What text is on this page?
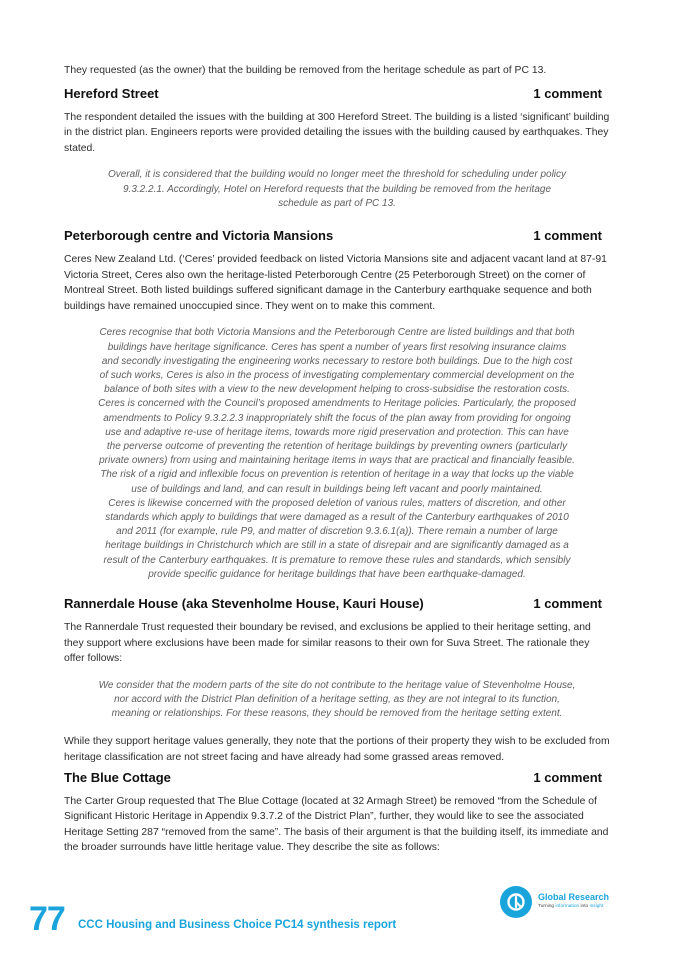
They requested (as the owner) that the building be removed from the heritage schedule as part of PC 13.

Hereford Street	1 comment

The respondent detailed the issues with the building at 300 Hereford Street. The building is a listed ‘significant’ building in the district plan. Engineers reports were provided detailing the issues with the building caused by earthquakes. They stated.

Overall, it is considered that the building would no longer meet the threshold for scheduling under policy 9.3.2.2.1. Accordingly, Hotel on Hereford requests that the building be removed from the heritage schedule as part of PC 13.

Peterborough centre and Victoria Mansions	1 comment

Ceres New Zealand Ltd. (‘Ceres’ provided feedback on listed Victoria Mansions site and adjacent vacant land at 87-91 Victoria Street, Ceres also own the heritage-listed Peterborough Centre (25 Peterborough Street) on the corner of Montreal Street. Both listed buildings suffered significant damage in the Canterbury earthquake sequence and both buildings have remained unoccupied since. They went on to make this comment.

Ceres recognise that both Victoria Mansions and the Peterborough Centre are listed buildings and that both buildings have heritage significance. Ceres has spent a number of years first resolving insurance claims and secondly investigating the engineering works necessary to restore both buildings. Due to the high cost of such works, Ceres is also in the process of investigating complementary commercial development on the balance of both sites with a view to the new development helping to cross-subsidise the restoration costs.

Ceres is concerned with the Council’s proposed amendments to Heritage policies. Particularly, the proposed amendments to Policy 9.3.2.2.3 inappropriately shift the focus of the plan away from providing for ongoing use and adaptive re-use of heritage items, towards more rigid preservation and protection. This can have the perverse outcome of preventing the retention of heritage buildings by preventing owners (particularly private owners) from using and maintaining heritage items in ways that are practical and financially feasible. The risk of a rigid and inflexible focus on prevention is retention of heritage in a way that locks up the viable use of buildings and land, and can result in buildings being left vacant and poorly maintained.

Ceres is likewise concerned with the proposed deletion of various rules, matters of discretion, and other standards which apply to buildings that were damaged as a result of the Canterbury earthquakes of 2010 and 2011 (for example, rule P9, and matter of discretion 9.3.6.1(a)). There remain a number of large heritage buildings in Christchurch which are still in a state of disrepair and are significantly damaged as a result of the Canterbury earthquakes. It is premature to remove these rules and standards, which sensibly provide specific guidance for heritage buildings that have been earthquake-damaged.

Rannerdale House (aka Stevenholme House, Kauri House)	1 comment

The Rannerdale Trust requested their boundary be revised, and exclusions be applied to their heritage setting, and they support where exclusions have been made for similar reasons to their own for Suva Street. The rationale they offer follows:

We consider that the modern parts of the site do not contribute to the heritage value of Stevenholme House, nor accord with the District Plan definition of a heritage setting, as they are not integral to its function, meaning or relationships. For these reasons, they should be removed from the heritage setting extent.

While they support heritage values generally, they note that the portions of their property they wish to be excluded from heritage classification are not street facing and have already had some grassed areas removed.

The Blue Cottage	1 comment

The Carter Group requested that The Blue Cottage (located at 32 Armagh Street) be removed “from the Schedule of Significant Historic Heritage in Appendix 9.3.7.2 of the District Plan”, further, they would like to see the associated Heritage Setting 287 “removed from the same”. The basis of their argument is that the building itself, its immediate and the broader surrounds have little heritage value. They describe the site as follows:

Global Research
Turning information into insight
77 CCC Housing and Business Choice PC14 synthesis report
